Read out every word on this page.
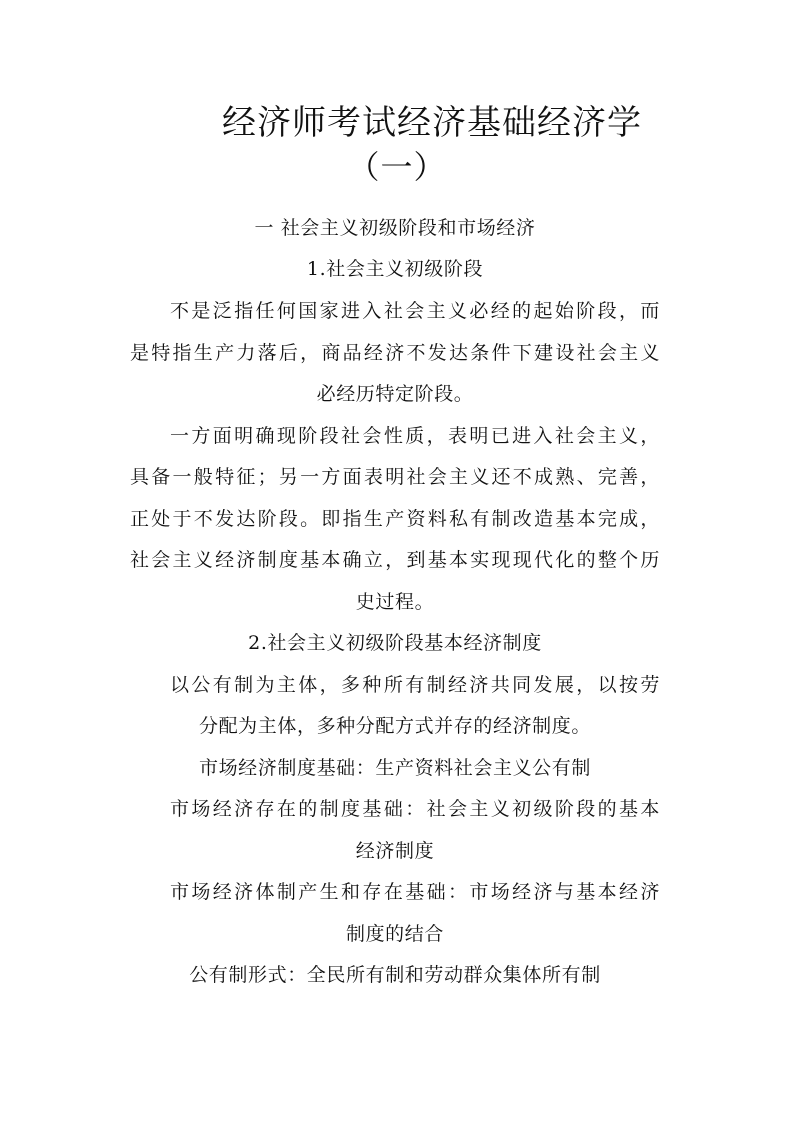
经济师考试经济基础经济学
（一）
一 社会主义初级阶段和市场经济
1.社会主义初级阶段
不是泛指任何国家进入社会主义必经的起始阶段，而
是特指生产力落后，商品经济不发达条件下建设社会主义
必经历特定阶段。
一方面明确现阶段社会性质，表明已进入社会主义，
具备一般特征；另一方面表明社会主义还不成熟、完善，
正处于不发达阶段。即指生产资料私有制改造基本完成，
社会主义经济制度基本确立，到基本实现现代化的整个历
史过程。
2.社会主义初级阶段基本经济制度
以公有制为主体，多种所有制经济共同发展，以按劳
分配为主体，多种分配方式并存的经济制度。
市场经济制度基础：生产资料社会主义公有制
市场经济存在的制度基础：社会主义初级阶段的基本
经济制度
市场经济体制产生和存在基础：市场经济与基本经济
制度的结合
公有制形式：全民所有制和劳动群众集体所有制
